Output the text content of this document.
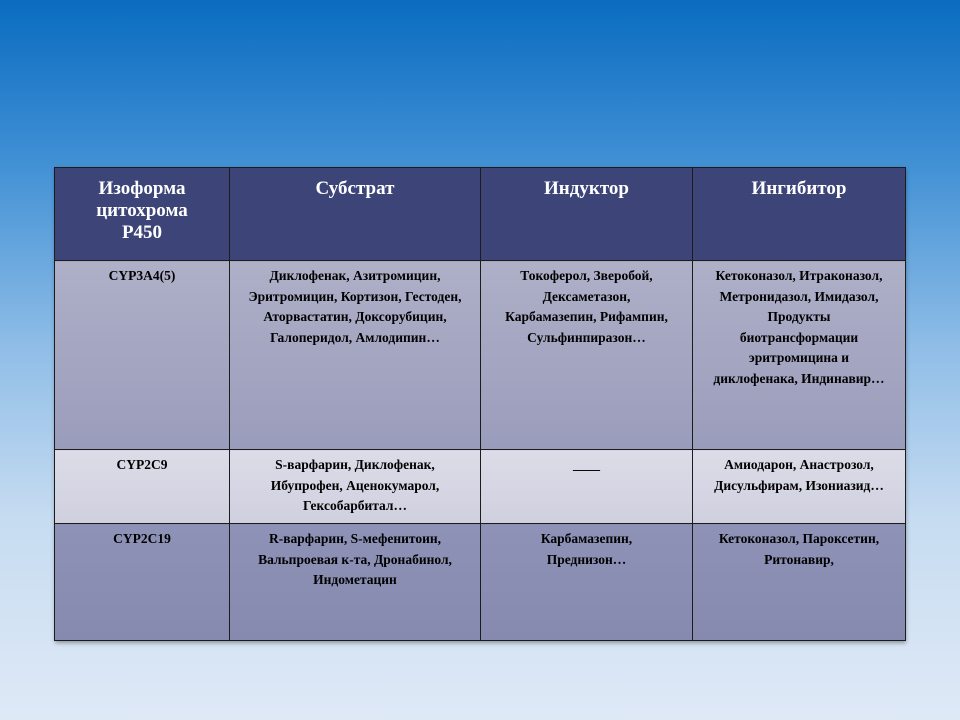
Изоформа цитохрома Р450	Субстрат	Индуктор	Ингибитор
CYP3A4(5)	Диклофенак, Азитромицин, Эритромицин, Кортизон, Гестоден, Аторвастатин, Доксорубицин, Галоперидол, Амлодипин…	Токоферол, Зверобой, Дексаметазон, Карбамазепин, Рифампин, Сульфинпиразон…	Кетоконазол, Итраконазол, Метронидазол, Имидазол, Продукты биотрансформации эритромицина и диклофенака, Индинавир…
CYP2C9	S-варфарин, Диклофенак, Ибупрофен, Аценокумарол, Гексобарбитал…	____	Амиодарон, Анастрозол, Дисульфирам, Изониазид…
CYP2C19	R-варфарин, S-мефенитоин, Вальпроевая к-та, Дронабинол, Индометацин	Карбамазепин, Преднизон…	Кетоконазол, Пароксетин, Ритонавир,
